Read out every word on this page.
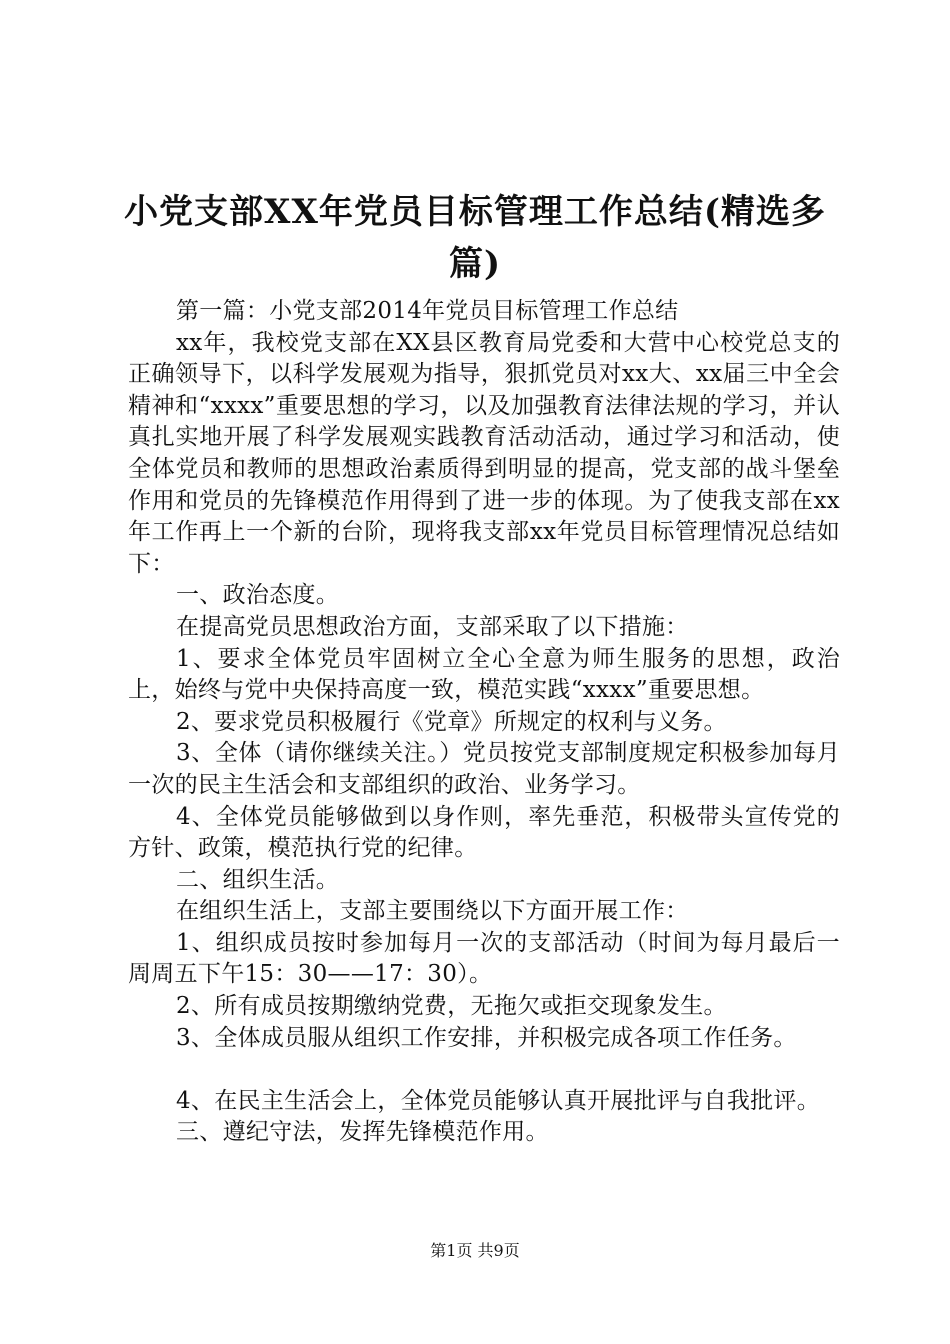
小党支部XX年党员目标管理工作总结(精选多篇)

第一篇：小党支部2014年党员目标管理工作总结

xx年，我校党支部在XX县区教育局党委和大营中心校党总支的正确领导下，以科学发展观为指导，狠抓党员对xx大、xx届三中全会精神和“xxxx”重要思想的学习，以及加强教育法律法规的学习，并认真扎实地开展了科学发展观实践教育活动活动，通过学习和活动，使全体党员和教师的思想政治素质得到明显的提高，党支部的战斗堡垒作用和党员的先锋模范作用得到了进一步的体现。为了使我支部在xx年工作再上一个新的台阶，现将我支部xx年党员目标管理情况总结如下：

一、政治态度。

在提高党员思想政治方面，支部采取了以下措施：

1、要求全体党员牢固树立全心全意为师生服务的思想，政治上，始终与党中央保持高度一致，模范实践“xxxx”重要思想。

2、要求党员积极履行《党章》所规定的权利与义务。

3、全体（请你继续关注。）党员按党支部制度规定积极参加每月一次的民主生活会和支部组织的政治、业务学习。

4、全体党员能够做到以身作则，率先垂范，积极带头宣传党的方针、政策，模范执行党的纪律。

二、组织生活。

在组织生活上，支部主要围绕以下方面开展工作：

1、组织成员按时参加每月一次的支部活动（时间为每月最后一周周五下午15：30——17：30）。

2、所有成员按期缴纳党费，无拖欠或拒交现象发生。

3、全体成员服从组织工作安排，并积极完成各项工作任务。

4、在民主生活会上，全体党员能够认真开展批评与自我批评。

三、遵纪守法，发挥先锋模范作用。

第1页 共9页
